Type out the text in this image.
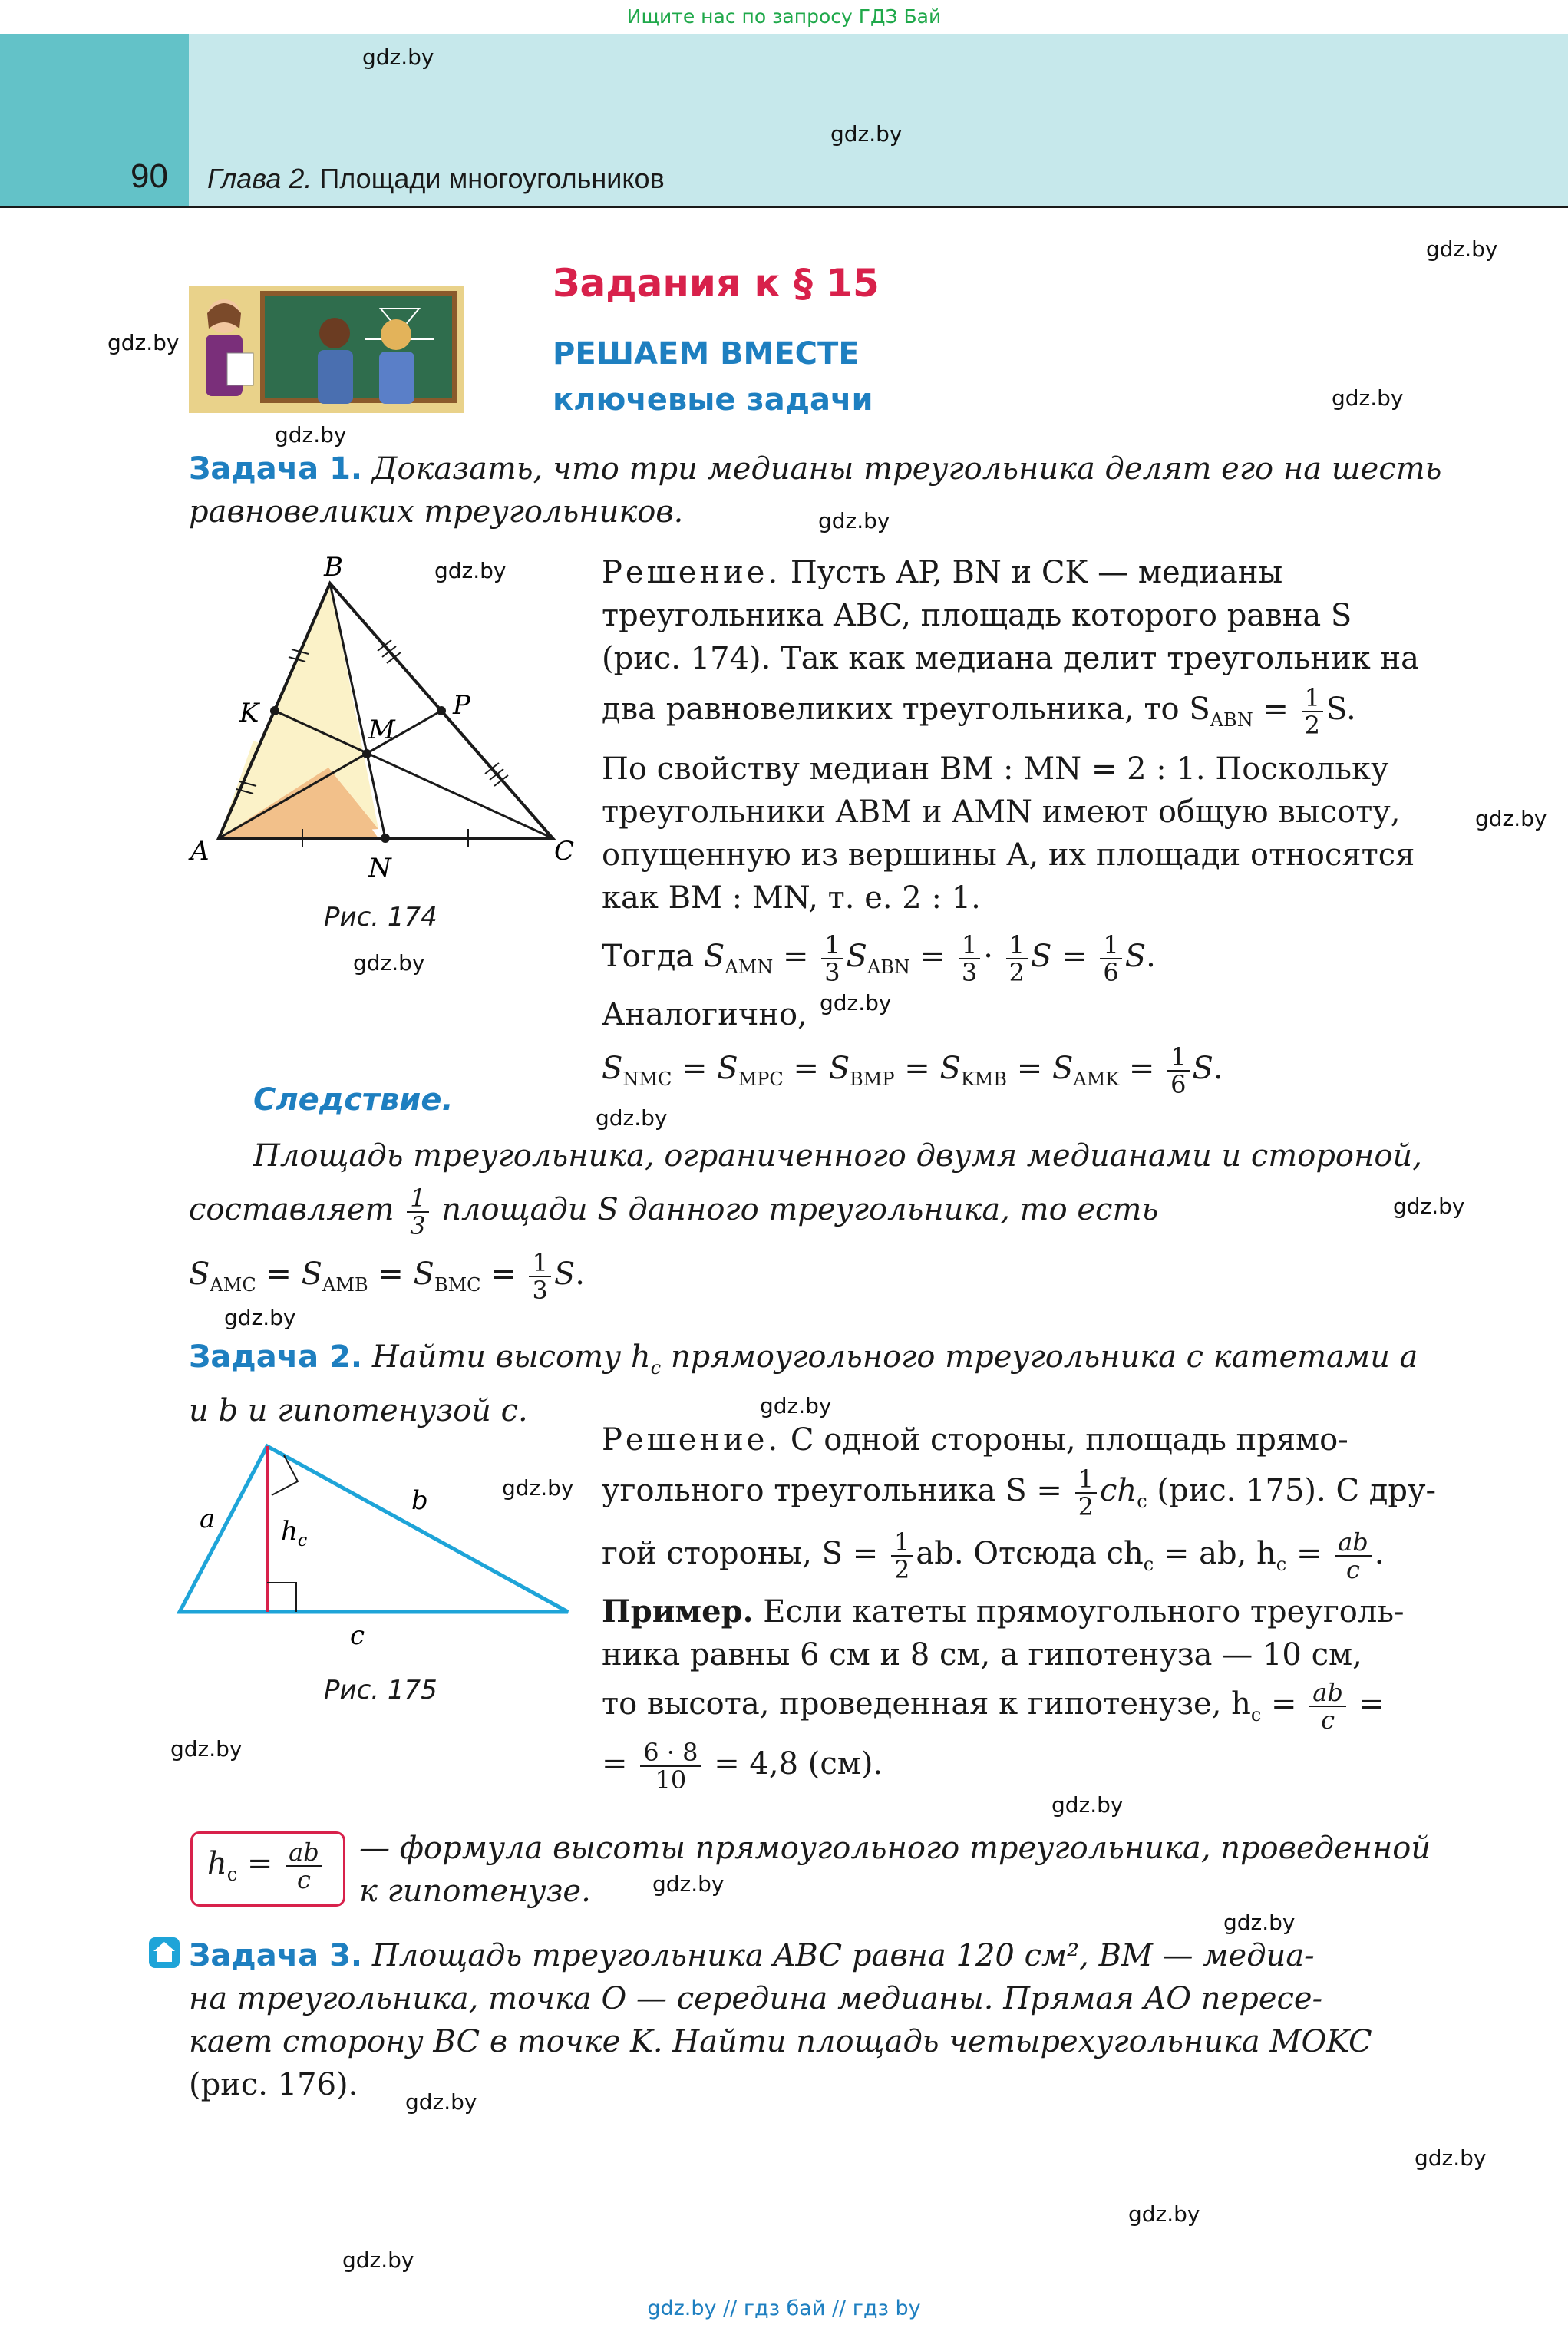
Ищите нас по запросу ГДЗ Бай
90 Глава 2. Площади многоугольников
gdz.by
gdz.by
gdz.by
gdz.by
gdz.by
gdz.by
gdz.by
gdz.by
gdz.by
gdz.by
gdz.by
gdz.by
gdz.by
gdz.by
gdz.by
gdz.by
gdz.by
gdz.by
gdz.by
gdz.by
gdz.by
gdz.by
gdz.by
gdz.by
Задания к § 15
РЕШАЕМ ВМЕСТЕ
ключевые задачи
Задача 1. Доказать, что три медианы треугольника делят его на шесть
равновеликих треугольников.
B
A	C
K	P
M
N
Рис. 174
Решение. Пусть AP, BN и CK — медианы
треугольника ABC, площадь которого равна S
(рис. 174). Так как медиана делит треугольник на
два равновеликих треугольника, то $S_{ABN} = \frac{1}{2} S$.
По свойству медиан BM : MN = 2 : 1. Поскольку
треугольники ABM и AMN имеют общую высоту,
опущенную из вершины A, их площади относятся
как BM : MN, т. е. 2 : 1.
Тогда $S_{AMN} = \frac{1}{3} S_{ABN} = \frac{1}{3} \cdot \frac{1}{2}$ $S = \frac{1}{6} S$.
Аналогично,
$S_{NMC} = S_{MPC} = S_{BMP} = S_{KMB} = S_{AMK} = \frac{1}{6} S$.
Следствие.
Площадь треугольника, ограниченного двумя медианами и стороной,
составляет $\frac{1}{3}$ площади S данного треугольника, то есть
$S_{AMC} = S_{AMB} = S_{BMC} = \frac{1}{3} S$.
Задача 2. Найти высоту $h_c$ прямоугольного треугольника с катетами a
и b и гипотенузой c.
a
b
c
$h_c$
Рис. 175
Решение. С одной стороны, площадь прямо-
угольного треугольника $S = \frac{1}{2} ch_c$ (рис. 175). С дру-
гой стороны, $S = \frac{1}{2}$ ab. Отсюда $ch_c$ = ab, $h_c = \frac{ab}{c}$ .
Пример. Если катеты прямоугольного треуголь-
ника равны 6 см и 8 см, а гипотенуза — 10 см,
то высота, проведенная к гипотенузе, $h_c = \frac{ab}{c}$ =
= $\frac{6 \cdot 8}{10} = 4,8$ (см).
$h_c = \frac{ab}{c}$ — формула высоты прямоугольного треугольника, проведенной
к гипотенузе.
Задача 3. Площадь треугольника ABC равна 120 см², BM — медиа-
на треугольника, точка O — середина медианы. Прямая AO пересе-
кает сторону BC в точке K. Найти площадь четырехугольника MOKC
(рис. 176).
gdz.by // гдз бай // гдз by
